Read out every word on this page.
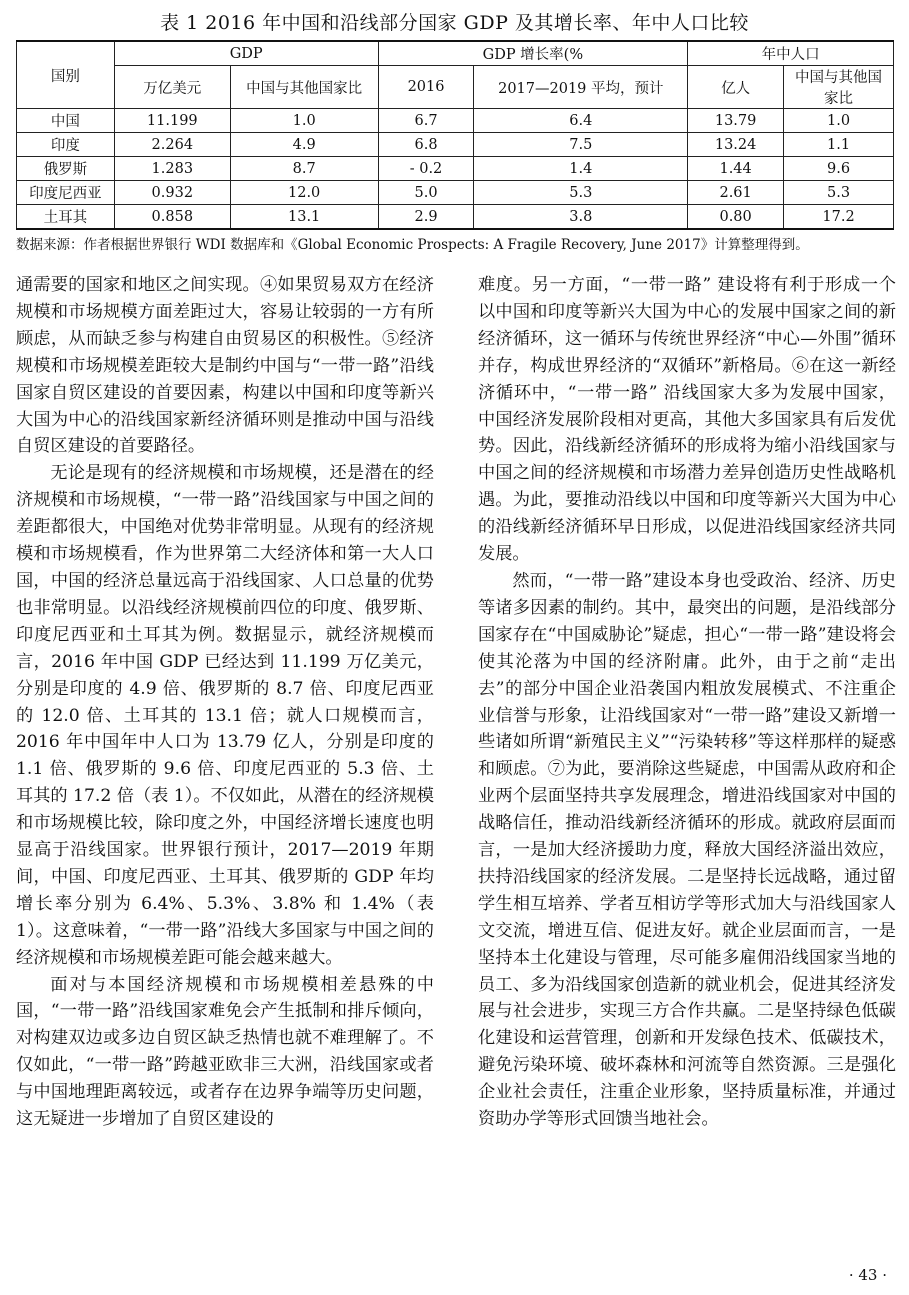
表 1 2016 年中国和沿线部分国家 GDP 及其增长率、年中人口比较
国别	GDP		GDP 增长率(%		年中人口	
	万亿美元	中国与其他国家比	2016	2017—2019 平均，预计	亿人	中国与其他国家比
中国	11.199	1.0	6.7	6.4	13.79	1.0
印度	2.264	4.9	6.8	7.5	13.24	1.1
俄罗斯	1.283	8.7	- 0.2	1.4	1.44	9.6
印度尼西亚	0.932	12.0	5.0	5.3	2.61	5.3
土耳其	0.858	13.1	2.9	3.8	0.80	17.2
数据来源：作者根据世界银行 WDI 数据库和《Global Economic Prospects: A Fragile Recovery, June 2017》计算整理得到。

通需要的国家和地区之间实现。④如果贸易双方在经济规模和市场规模方面差距过大，容易让较弱的一方有所顾虑，从而缺乏参与构建自由贸易区的积极性。⑤经济规模和市场规模差距较大是制约中国与“一带一路”沿线国家自贸区建设的首要因素，构建以中国和印度等新兴大国为中心的沿线国家新经济循环则是推动中国与沿线自贸区建设的首要路径。

无论是现有的经济规模和市场规模，还是潜在的经济规模和市场规模，“一带一路”沿线国家与中国之间的差距都很大，中国绝对优势非常明显。从现有的经济规模和市场规模看，作为世界第二大经济体和第一大人口国，中国的经济总量远高于沿线国家、人口总量的优势也非常明显。以沿线经济规模前四位的印度、俄罗斯、印度尼西亚和土耳其为例。数据显示，就经济规模而言，2016 年中国 GDP 已经达到 11.199 万亿美元，分别是印度的 4.9 倍、俄罗斯的 8.7 倍、印度尼西亚的 12.0 倍、土耳其的 13.1 倍；就人口规模而言，2016 年中国年中人口为 13.79 亿人，分别是印度的 1.1 倍、俄罗斯的 9.6 倍、印度尼西亚的 5.3 倍、土耳其的 17.2 倍（表 1）。不仅如此，从潜在的经济规模和市场规模比较，除印度之外，中国经济增长速度也明显高于沿线国家。世界银行预计，2017—2019 年期间，中国、印度尼西亚、土耳其、俄罗斯的 GDP 年均增长率分别为 6.4%、5.3%、3.8% 和 1.4%（表 1）。这意味着，“一带一路”沿线大多国家与中国之间的经济规模和市场规模差距可能会越来越大。

面对与本国经济规模和市场规模相差悬殊的中国，“一带一路”沿线国家难免会产生抵制和排斥倾向，对构建双边或多边自贸区缺乏热情也就不难理解了。不仅如此，“一带一路”跨越亚欧非三大洲，沿线国家或者与中国地理距离较远，或者存在边界争端等历史问题，这无疑进一步增加了自贸区建设的

难度。另一方面，“一带一路” 建设将有利于形成一个以中国和印度等新兴大国为中心的发展中国家之间的新经济循环，这一循环与传统世界经济“中心—外围”循环并存，构成世界经济的“双循环”新格局。⑥在这一新经济循环中，“一带一路” 沿线国家大多为发展中国家，中国经济发展阶段相对更高，其他大多国家具有后发优势。因此，沿线新经济循环的形成将为缩小沿线国家与中国之间的经济规模和市场潜力差异创造历史性战略机遇。为此，要推动沿线以中国和印度等新兴大国为中心的沿线新经济循环早日形成，以促进沿线国家经济共同发展。

然而，“一带一路”建设本身也受政治、经济、历史等诸多因素的制约。其中，最突出的问题，是沿线部分国家存在“中国威胁论”疑虑，担心“一带一路”建设将会使其沦落为中国的经济附庸。此外，由于之前“走出去”的部分中国企业沿袭国内粗放发展模式、不注重企业信誉与形象，让沿线国家对“一带一路”建设又新增一些诸如所谓“新殖民主义”“污染转移”等这样那样的疑惑和顾虑。⑦为此，要消除这些疑虑，中国需从政府和企业两个层面坚持共享发展理念，增进沿线国家对中国的战略信任，推动沿线新经济循环的形成。就政府层面而言，一是加大经济援助力度，释放大国经济溢出效应，扶持沿线国家的经济发展。二是坚持长远战略，通过留学生相互培养、学者互相访学等形式加大与沿线国家人文交流，增进互信、促进友好。就企业层面而言，一是坚持本土化建设与管理，尽可能多雇佣沿线国家当地的员工、多为沿线国家创造新的就业机会，促进其经济发展与社会进步，实现三方合作共赢。二是坚持绿色低碳化建设和运营管理，创新和开发绿色技术、低碳技术，避免污染环境、破坏森林和河流等自然资源。三是强化企业社会责任，注重企业形象，坚持质量标准，并通过资助办学等形式回馈当地社会。

· 43 ·
